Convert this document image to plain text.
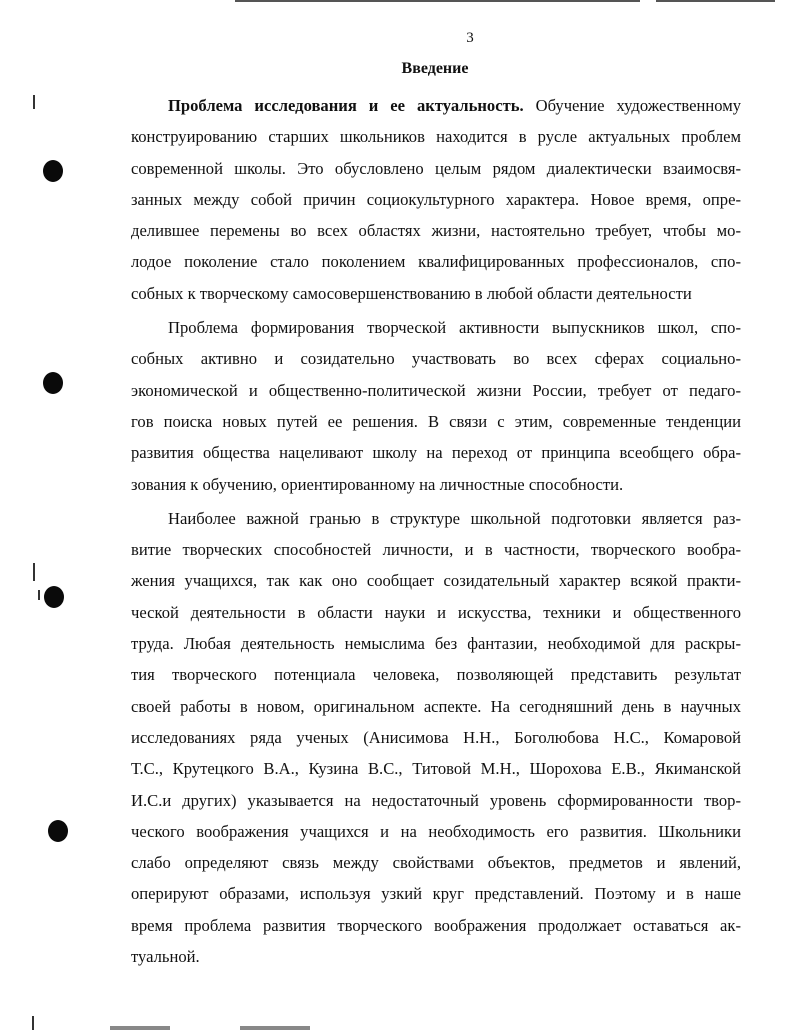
3
Введение
Проблема исследования и ее актуальность. Обучение художественному
конструированию старших школьников находится в русле актуальных проблем
современной школы. Это обусловлено целым рядом диалектически взаимосвя-
занных между собой причин социокультурного характера. Новое время, опре-
делившее перемены во всех областях жизни, настоятельно требует, чтобы мо-
лодое поколение стало поколением квалифицированных профессионалов, спо-
собных к творческому самосовершенствованию в любой области деятельности
Проблема формирования творческой активности выпускников школ, спо-
собных активно и созидательно участвовать во всех сферах социально-
экономической и общественно-политической жизни России, требует от педаго-
гов поиска новых путей ее решения. В связи с этим, современные тенденции
развития общества нацеливают школу на переход от принципа всеобщего обра-
зования к обучению, ориентированному на личностные способности.
Наиболее важной гранью в структуре школьной подготовки является раз-
витие творческих способностей личности, и в частности, творческого вообра-
жения учащихся, так как оно сообщает созидательный характер всякой практи-
ческой деятельности в области науки и искусства, техники и общественного
труда. Любая деятельность немыслима без фантазии, необходимой для раскры-
тия творческого потенциала человека, позволяющей представить результат
своей работы в новом, оригинальном аспекте. На сегодняшний день в научных
исследованиях ряда ученых (Анисимова Н.Н., Боголюбова Н.С., Комаровой
Т.С., Крутецкого В.А., Кузина В.С., Титовой М.Н., Шорохова Е.В., Якиманской
И.С.и других) указывается на недостаточный уровень сформированности твор-
ческого воображения учащихся и на необходимость его развития. Школьники
слабо определяют связь между свойствами объектов, предметов и явлений,
оперируют образами, используя узкий круг представлений. Поэтому и в наше
время проблема развития творческого воображения продолжает оставаться ак-
туальной.
